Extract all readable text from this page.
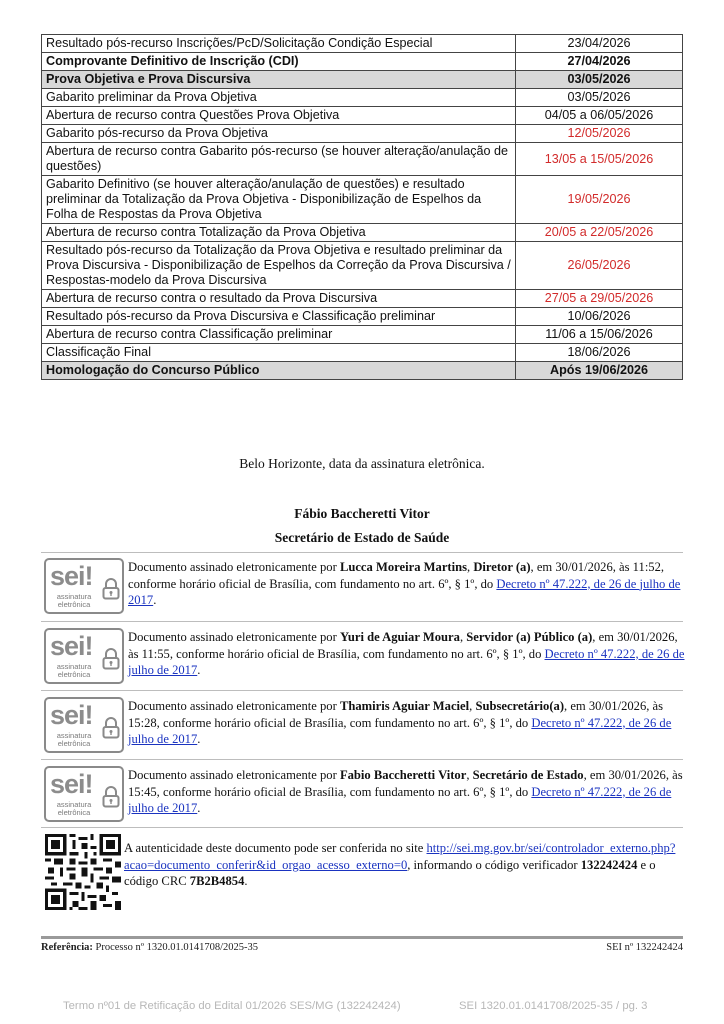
Resultado pós-recurso Inscrições/PcD/Solicitação Condição Especial	23/04/2026
Comprovante Definitivo de Inscrição (CDI)	27/04/2026
Prova Objetiva e Prova Discursiva	03/05/2026
Gabarito preliminar da Prova Objetiva	03/05/2026
Abertura de recurso contra Questões Prova Objetiva	04/05 a 06/05/2026
Gabarito pós-recurso da Prova Objetiva	12/05/2026
Abertura de recurso contra Gabarito pós-recurso (se houver alteração/anulação de questões)	13/05 a 15/05/2026
Gabarito Definitivo (se houver alteração/anulação de questões) e resultado preliminar da Totalização da Prova Objetiva - Disponibilização de Espelhos da Folha de Respostas da Prova Objetiva	19/05/2026
Abertura de recurso contra Totalização da Prova Objetiva	20/05 a 22/05/2026
Resultado pós-recurso da Totalização da Prova Objetiva e resultado preliminar da Prova Discursiva - Disponibilização de Espelhos da Correção da Prova Discursiva / Respostas-modelo da Prova Discursiva	26/05/2026
Abertura de recurso contra o resultado da Prova Discursiva	27/05 a 29/05/2026
Resultado pós-recurso da Prova Discursiva e Classificação preliminar	10/06/2026
Abertura de recurso contra Classificação preliminar	11/06 a 15/06/2026
Classificação Final	18/06/2026
Homologação do Concurso Público	Após 19/06/2026
Belo Horizonte, data da assinatura eletrônica.
Fábio Baccheretti Vitor
Secretário de Estado de Saúde
sei!
assinatura
eletrônica
Documento assinado eletronicamente por Lucca Moreira Martins, Diretor (a), em 30/01/2026, às 11:52, conforme horário oficial de Brasília, com fundamento no art. 6º, § 1º, do Decreto nº 47.222, de 26 de julho de 2017.
sei!
assinatura
eletrônica
Documento assinado eletronicamente por Yuri de Aguiar Moura, Servidor (a) Público (a), em 30/01/2026, às 11:55, conforme horário oficial de Brasília, com fundamento no art. 6º, § 1º, do Decreto nº 47.222, de 26 de julho de 2017.
sei!
assinatura
eletrônica
Documento assinado eletronicamente por Thamiris Aguiar Maciel, Subsecretário(a), em 30/01/2026, às 15:28, conforme horário oficial de Brasília, com fundamento no art. 6º, § 1º, do Decreto nº 47.222, de 26 de julho de 2017.
sei!
assinatura
eletrônica
Documento assinado eletronicamente por Fabio Baccheretti Vitor, Secretário de Estado, em 30/01/2026, às 15:45, conforme horário oficial de Brasília, com fundamento no art. 6º, § 1º, do Decreto nº 47.222, de 26 de julho de 2017.
A autenticidade deste documento pode ser conferida no site http://sei.mg.gov.br/sei/controlador_externo.php?acao=documento_conferir&id_orgao_acesso_externo=0, informando o código verificador 132242424 e o código CRC 7B2B4854.
Referência: Processo nº 1320.01.0141708/2025-35	SEI nº 132242424
Termo nº01 de Retificação do Edital 01/2026 SES/MG (132242424)	SEI 1320.01.0141708/2025-35 / pg. 3
